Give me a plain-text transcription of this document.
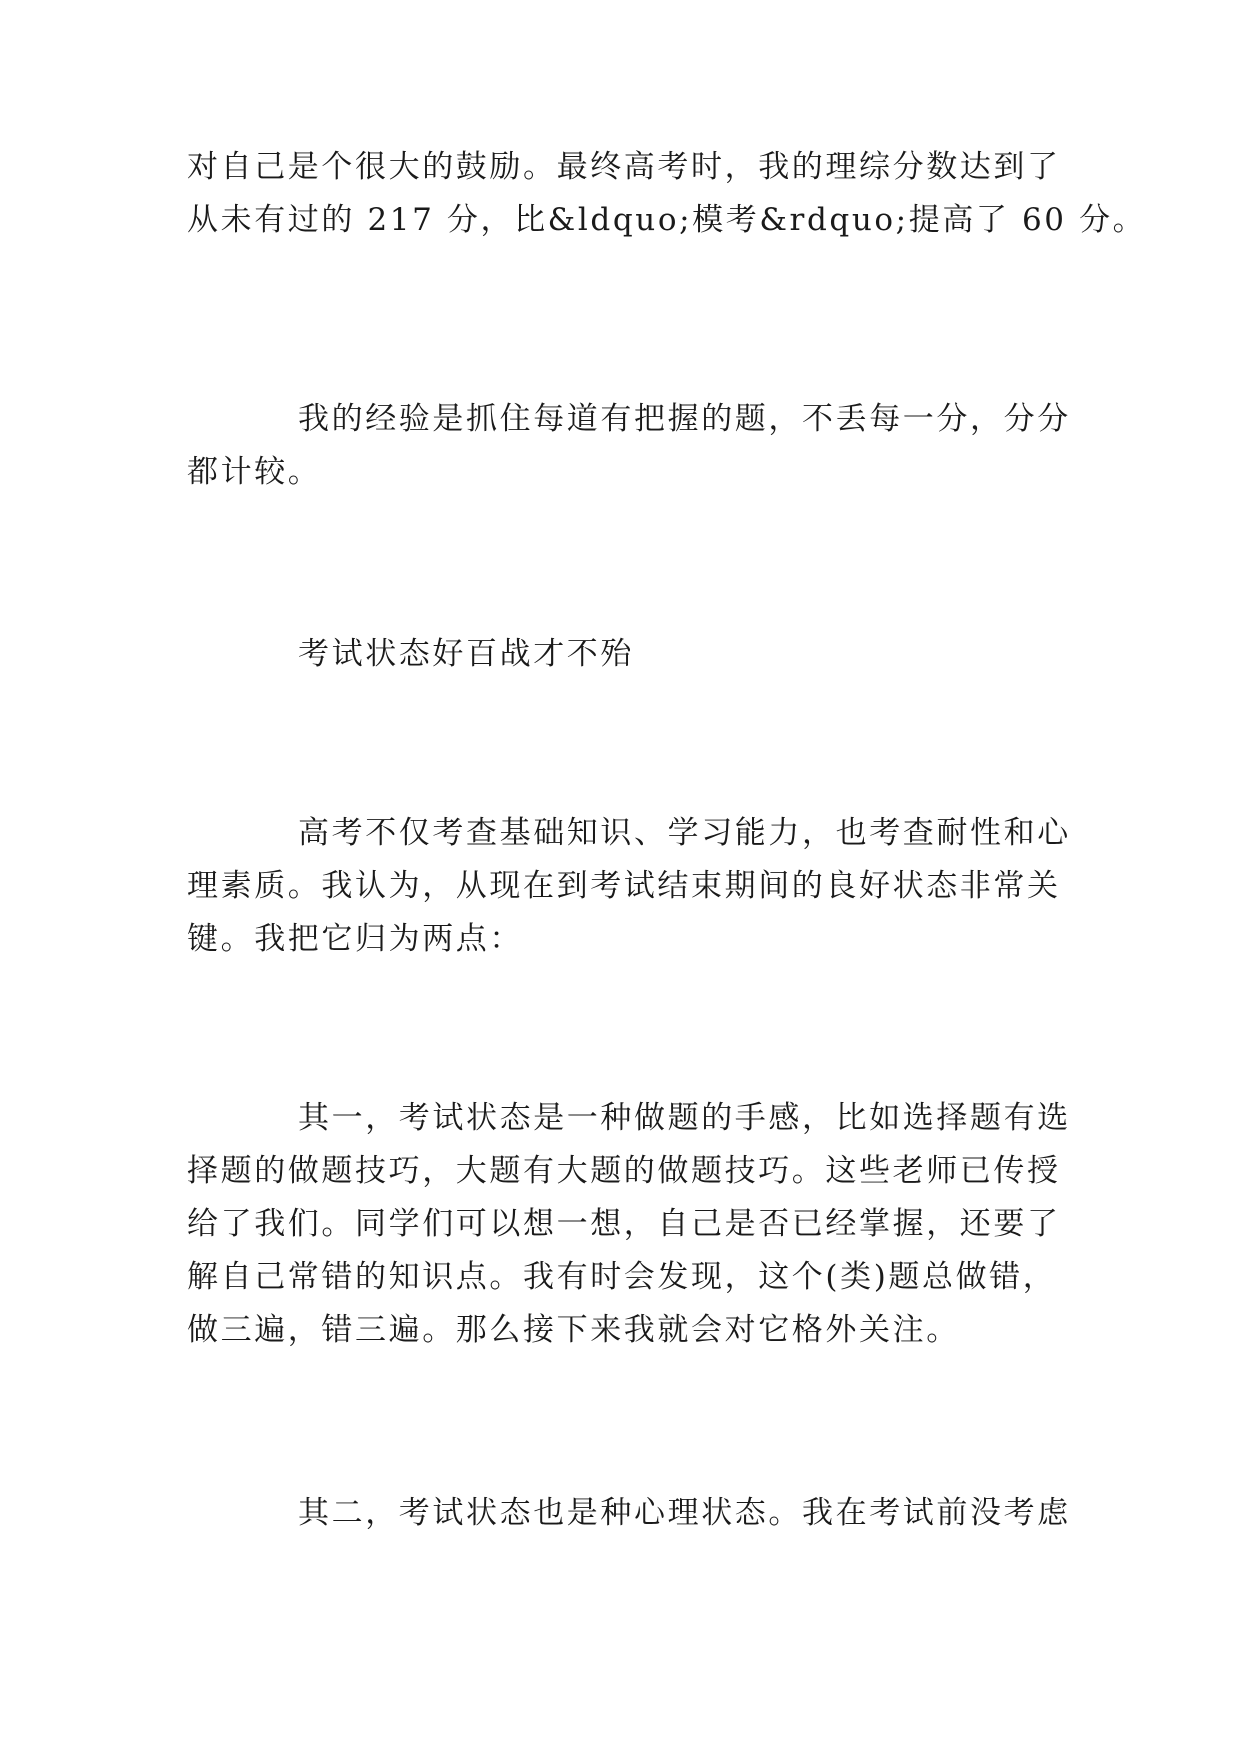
对自己是个很大的鼓励。最终高考时，我的理综分数达到了
从未有过的 217 分，比&ldquo;模考&rdquo;提高了 60 分。
我的经验是抓住每道有把握的题，不丢每一分，分分
都计较。
考试状态好百战才不殆
高考不仅考查基础知识、学习能力，也考查耐性和心
理素质。我认为，从现在到考试结束期间的良好状态非常关
键。我把它归为两点：
其一，考试状态是一种做题的手感，比如选择题有选
择题的做题技巧，大题有大题的做题技巧。这些老师已传授
给了我们。同学们可以想一想，自己是否已经掌握，还要了
解自己常错的知识点。我有时会发现，这个(类)题总做错，
做三遍，错三遍。那么接下来我就会对它格外关注。
其二，考试状态也是种心理状态。我在考试前没考虑
